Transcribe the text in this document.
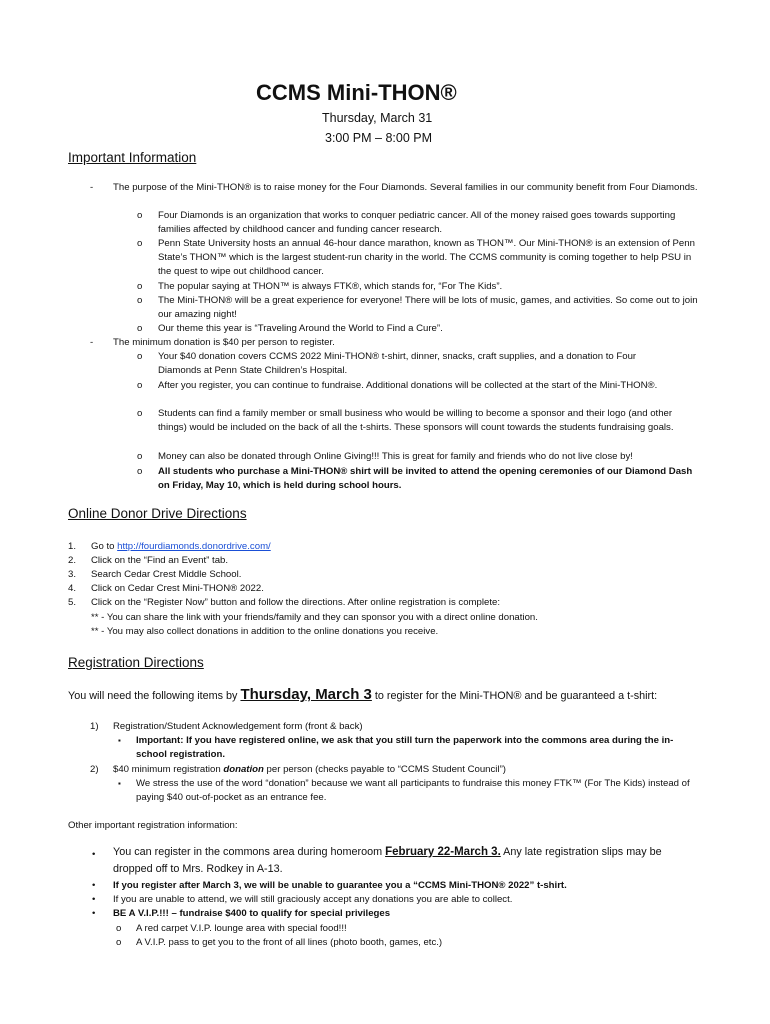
CCMS Mini-THON®
Thursday, March 31
3:00 PM – 8:00 PM
Important Information
- The purpose of the Mini-THON® is to raise money for the Four Diamonds. Several families in our community benefit from Four Diamonds.
o Four Diamonds is an organization that works to conquer pediatric cancer. All of the money raised goes towards supporting families affected by childhood cancer and funding cancer research.
o Penn State University hosts an annual 46-hour dance marathon, known as THON™. Our Mini-THON® is an extension of Penn State’s THON™ which is the largest student-run charity in the world. The CCMS community is coming together to help PSU in the quest to wipe out childhood cancer.
o The popular saying at THON™ is always FTK®, which stands for, “For The Kids”.
o The Mini-THON® will be a great experience for everyone! There will be lots of music, games, and activities. So come out to join our amazing night!
o Our theme this year is “Traveling Around the World to Find a Cure”.
- The minimum donation is $40 per person to register.
o Your $40 donation covers CCMS 2022 Mini-THON® t-shirt, dinner, snacks, craft supplies, and a donation to Four Diamonds at Penn State Children’s Hospital.
o After you register, you can continue to fundraise. Additional donations will be collected at the start of the Mini-THON®.
o Students can find a family member or small business who would be willing to become a sponsor and their logo (and other things) would be included on the back of all the t-shirts. These sponsors will count towards the students fundraising goals.
o Money can also be donated through Online Giving!!! This is great for family and friends who do not live close by!
o All students who purchase a Mini-THON® shirt will be invited to attend the opening ceremonies of our Diamond Dash on Friday, May 10, which is held during school hours.
Online Donor Drive Directions
1. Go to http://fourdiamonds.donordrive.com/
2. Click on the “Find an Event” tab.
3. Search Cedar Crest Middle School.
4. Click on Cedar Crest Mini-THON® 2022.
5. Click on the “Register Now” button and follow the directions. After online registration is complete:
** - You can share the link with your friends/family and they can sponsor you with a direct online donation.
** - You may also collect donations in addition to the online donations you receive.
Registration Directions
You will need the following items by Thursday, March 3 to register for the Mini-THON® and be guaranteed a t-shirt:
1) Registration/Student Acknowledgement form (front & back)
▪ Important: If you have registered online, we ask that you still turn the paperwork into the commons area during the in-school registration.
2) $40 minimum registration donation per person (checks payable to “CCMS Student Council”)
▪ We stress the use of the word “donation” because we want all participants to fundraise this money FTK™ (For The Kids) instead of paying $40 out-of-pocket as an entrance fee.
Other important registration information:
• You can register in the commons area during homeroom February 22-March 3. Any late registration slips may be
dropped off to Mrs. Rodkey in A-13.
• If you register after March 3, we will be unable to guarantee you a “CCMS Mini-THON® 2022” t-shirt.
• If you are unable to attend, we will still graciously accept any donations you are able to collect.
• BE A V.I.P.!!! – fundraise $400 to qualify for special privileges
o A red carpet V.I.P. lounge area with special food!!!
o A V.I.P. pass to get you to the front of all lines (photo booth, games, etc.)
